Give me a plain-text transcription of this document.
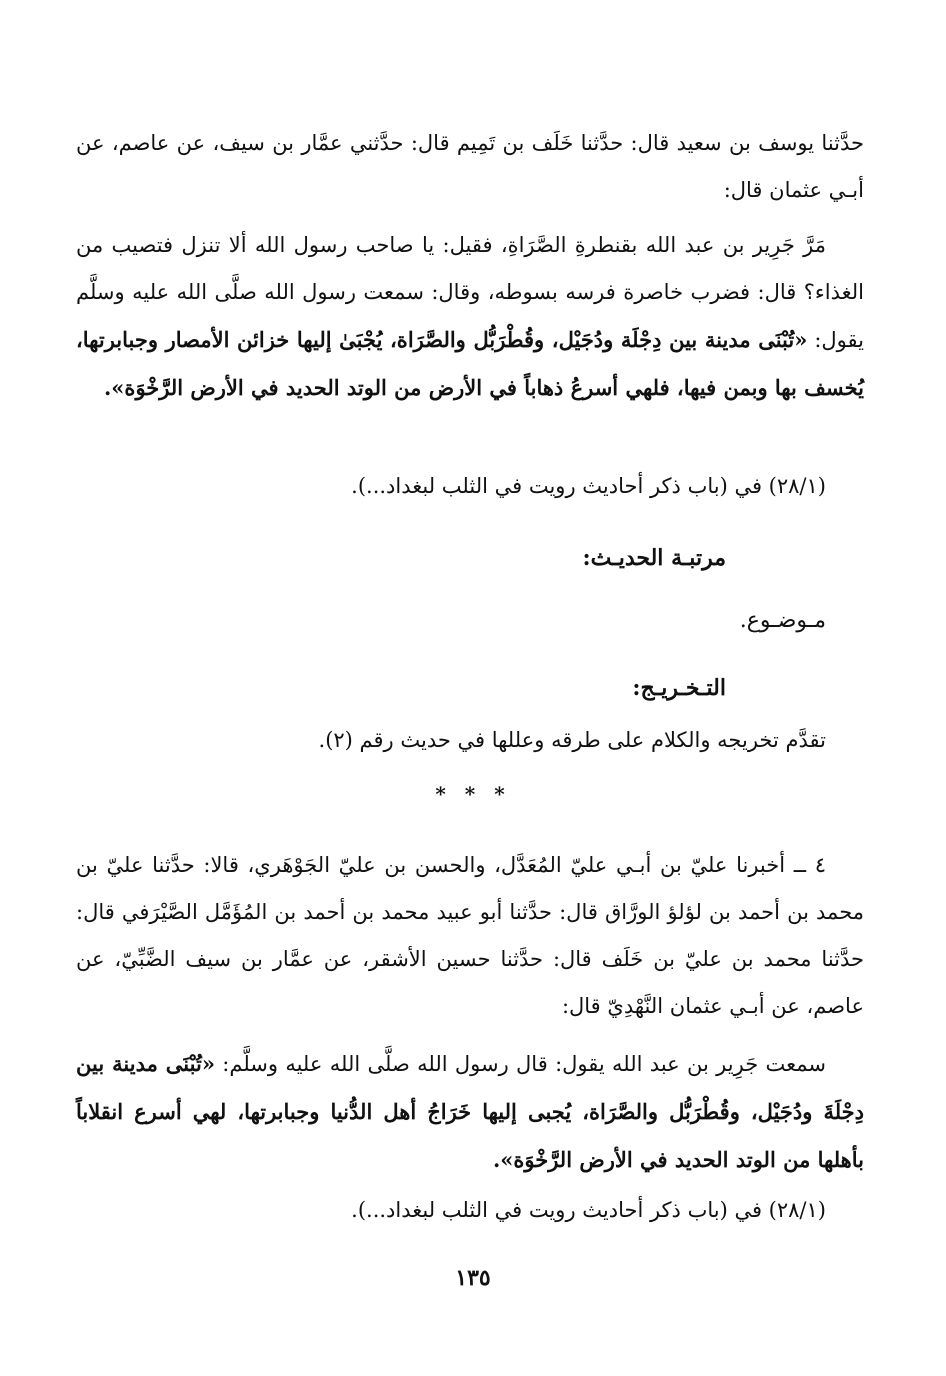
حدَّثنا يوسف بن سعيد قال: حدَّثنا خَلَف بن تَمِيم قال: حدَّثني عمَّار بن سيف، عن عاصم، عن أبـي عثمان قال:

مَرَّ جَرِير بن عبد الله بقنطرةِ الصَّرَاةِ، فقيل: يا صاحب رسول الله ألا تنزل فتصيب من الغذاء؟ قال: فضرب خاصرة فرسه بسوطه، وقال: سمعت رسول الله صلَّى الله عليه وسلَّم يقول: «تُبْنَى مدينة بين دِجْلَة ودُجَيْل، وقُطْرَبُّل والصَّرَاة، يُجْبَىٰ إليها خزائن الأمصار وجبابرتها، يُخسف بها وبمن فيها، فلهي أسرعُ ذهاباً في الأرض من الوتد الحديد في الأرض الرَّخْوَة».

(٢٨/١) في (باب ذكر أحاديث رويت في الثلب لبغداد...).
مرتبـة الحديـث:
مـوضـوع.
التـخـريـج:
تقدَّم تخريجه والكلام على طرقه وعللها في حديث رقم (٢).
* * *

٤ ــ أخبرنا عليّ بن أبـي عليّ المُعَدَّل، والحسن بن عليّ الجَوْهَري، قالا: حدَّثنا عليّ بن محمد بن أحمد بن لؤلؤ الورَّاق قال: حدَّثنا أبو عبيد محمد بن أحمد بن المُؤَمَّل الصَّيْرَفي قال: حدَّثنا محمد بن عليّ بن خَلَف قال: حدَّثنا حسين الأشقر، عن عمَّار بن سيف الضَّبِّيّ، عن عاصم، عن أبـي عثمان النَّهْدِيّ قال:

سمعت جَرِير بن عبد الله يقول: قال رسول الله صلَّى الله عليه وسلَّم: «تُبْنَى مدينة بين دِجْلَةَ ودُجَيْل، وقُطْرَبُّل والصَّرَاة، يُجبى إليها خَرَاجُ أهل الدُّنيا وجبابرتها، لهي أسرع انقلاباً بأهلها من الوتد الحديد في الأرض الرَّخْوَة».

(٢٨/١) في (باب ذكر أحاديث رويت في الثلب لبغداد...).
١٣٥
